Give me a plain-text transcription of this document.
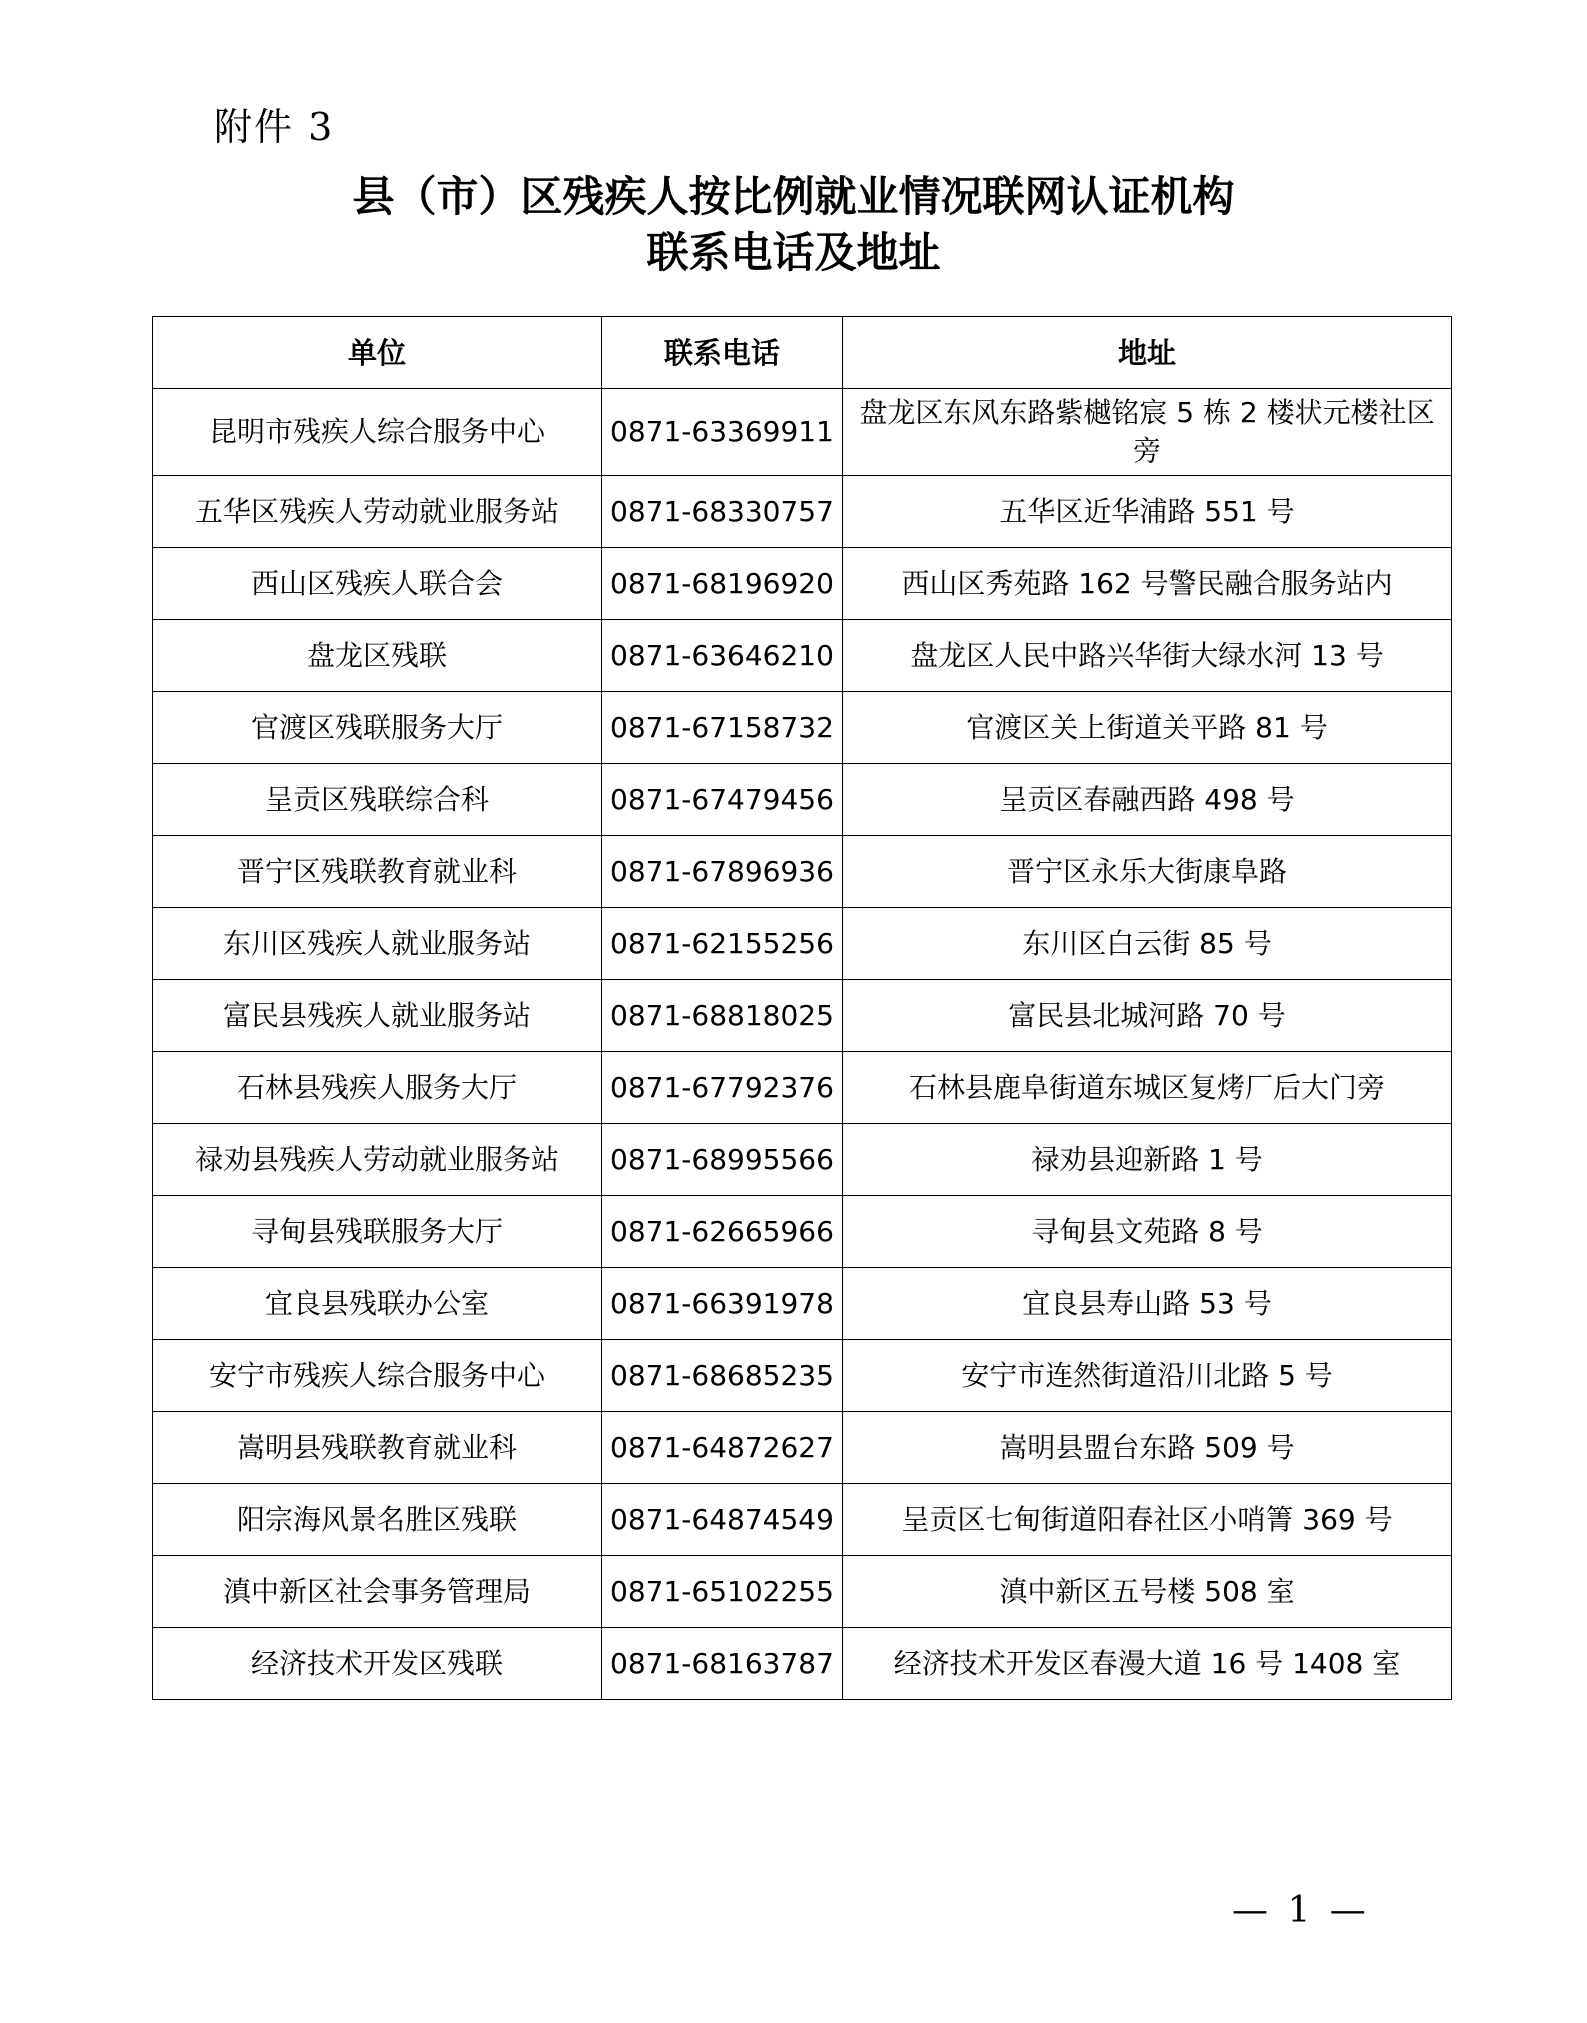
附件 3
县（市）区残疾人按比例就业情况联网认证机构
联系电话及地址
单位	联系电话	地址
昆明市残疾人综合服务中心	0871-63369911	盘龙区东风东路紫樾铭宸 5 栋 2 楼状元楼社区旁
五华区残疾人劳动就业服务站	0871-68330757	五华区近华浦路 551 号
西山区残疾人联合会	0871-68196920	西山区秀苑路 162 号警民融合服务站内
盘龙区残联	0871-63646210	盘龙区人民中路兴华街大绿水河 13 号
官渡区残联服务大厅	0871-67158732	官渡区关上街道关平路 81 号
呈贡区残联综合科	0871-67479456	呈贡区春融西路 498 号
晋宁区残联教育就业科	0871-67896936	晋宁区永乐大街康阜路
东川区残疾人就业服务站	0871-62155256	东川区白云街 85 号
富民县残疾人就业服务站	0871-68818025	富民县北城河路 70 号
石林县残疾人服务大厅	0871-67792376	石林县鹿阜街道东城区复烤厂后大门旁
禄劝县残疾人劳动就业服务站	0871-68995566	禄劝县迎新路 1 号
寻甸县残联服务大厅	0871-62665966	寻甸县文苑路 8 号
宜良县残联办公室	0871-66391978	宜良县寿山路 53 号
安宁市残疾人综合服务中心	0871-68685235	安宁市连然街道沿川北路 5 号
嵩明县残联教育就业科	0871-64872627	嵩明县盟台东路 509 号
阳宗海风景名胜区残联	0871-64874549	呈贡区七甸街道阳春社区小哨箐 369 号
滇中新区社会事务管理局	0871-65102255	滇中新区五号楼 508 室
经济技术开发区残联	0871-68163787	经济技术开发区春漫大道 16 号 1408 室
— 1 —
